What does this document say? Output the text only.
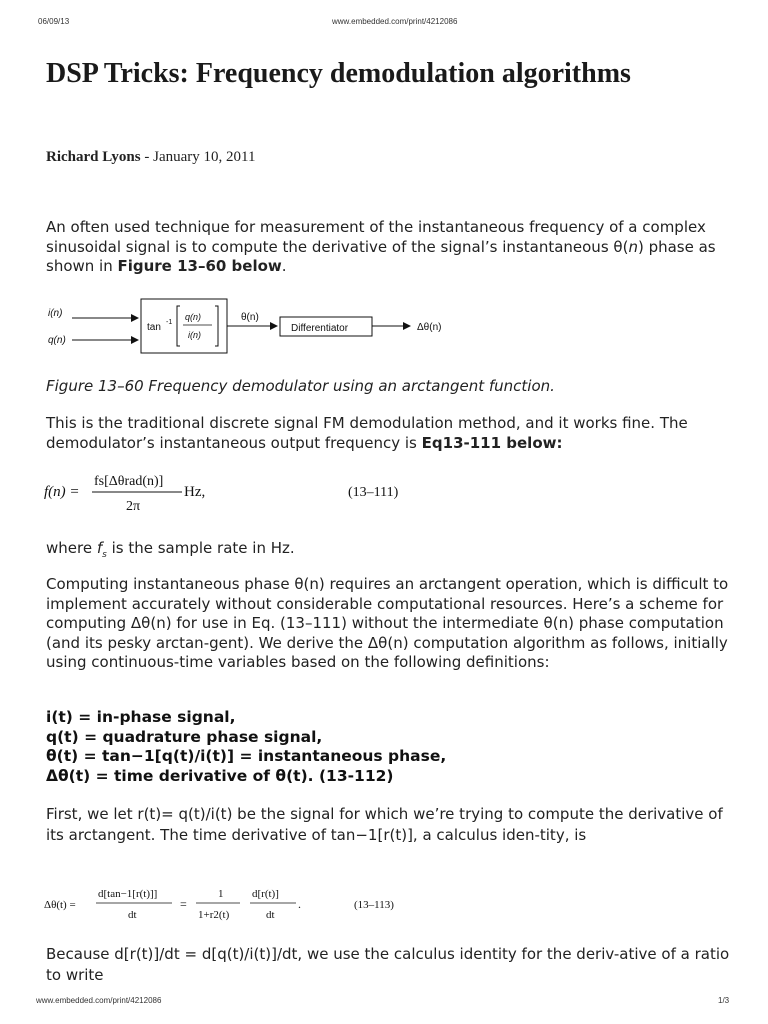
06/09/13	www.embedded.com/print/4212086
DSP Tricks: Frequency demodulation algorithms
Richard Lyons - January 10, 2011

An often used technique for measurement of the instantaneous frequency of a complex sinusoidal signal is to compute the derivative of the signal’s instantaneous θ(n) phase as shown in Figure 13–60 below.

i(n)
q(n)
tan -1
q(n)
i(n)
θ(n)
Differentiator	Δθ(n)
Figure 13–60 Frequency demodulator using an arctangent function.

This is the traditional discrete signal FM demodulation method, and it works fine. The demodulator’s instantaneous output frequency is Eq13-111 below:

f(n) =
fs[Δθrad(n)]
2π
Hz,	(13–111)

where $f_s$ is the sample rate in Hz.

Computing instantaneous phase θ(n) requires an arctangent operation, which is difficult to implement accurately without considerable computational resources. Here’s a scheme for computing Δθ(n) for use in Eq. (13–111) without the intermediate θ(n) phase computation (and its pesky arctan-gent). We derive the Δθ(n) computation algorithm as follows, initially using continuous-time variables based on the following definitions:

i(t) = in-phase signal,
q(t) = quadrature phase signal,
θ(t) = tan−1[q(t)/i(t)] = instantaneous phase,
Δθ(t) = time derivative of θ(t). (13-112)

First, we let r(t)= q(t)/i(t) be the signal for which we’re trying to compute the derivative of its arctangent. The time derivative of tan−1[r(t)], a calculus iden-tity, is

Δθ(t) =
d[tan−1[r(t)]]
dt
=
1
1+r2(t)
d[r(t)]
dt
.	(13–113)

Because d[r(t)]/dt = d[q(t)/i(t)]/dt, we use the calculus identity for the deriv-ative of a ratio to write

www.embedded.com/print/4212086	1/3
